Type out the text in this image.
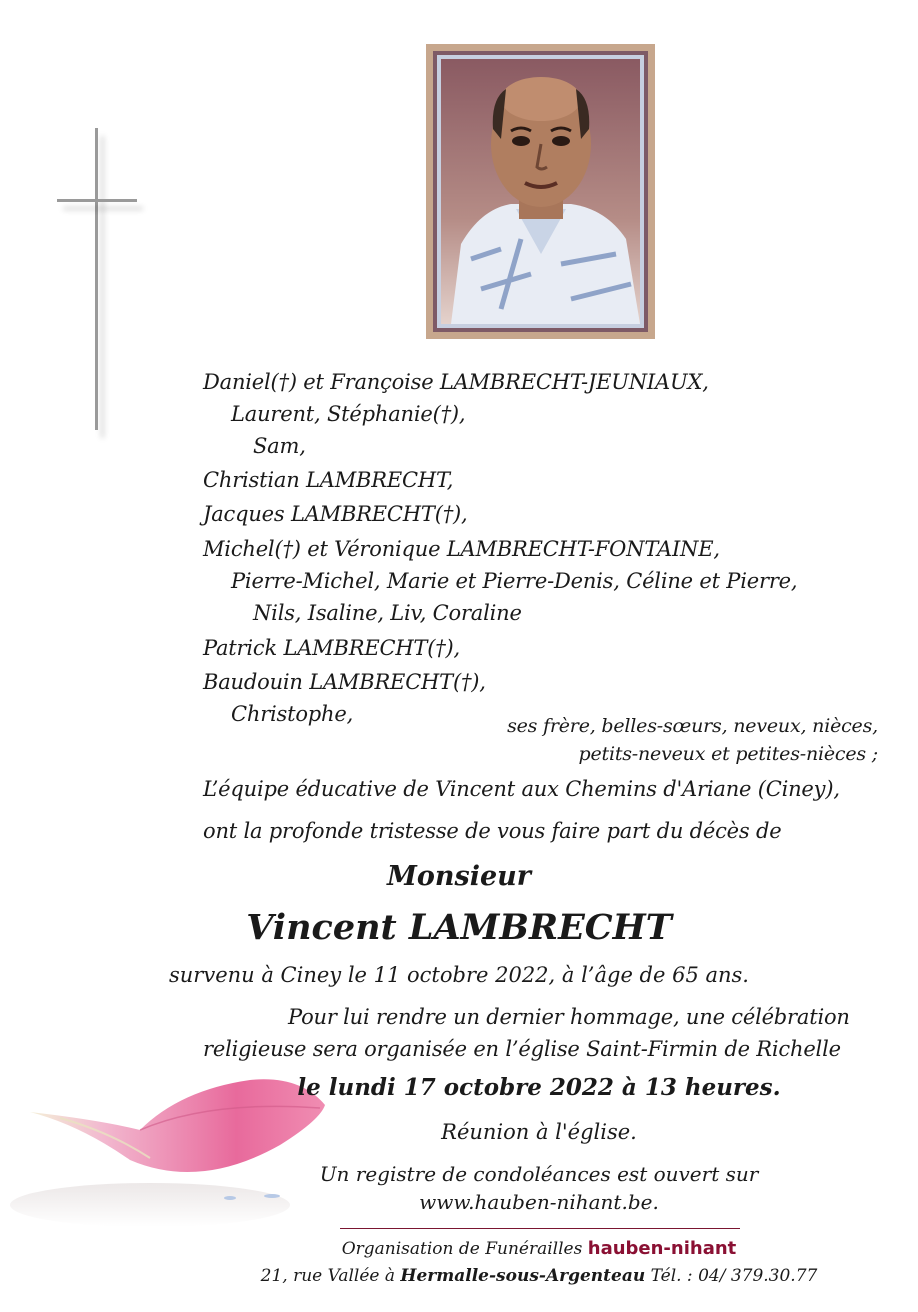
Daniel(†) et Françoise LAMBRECHT-JEUNIAUX,
Laurent, Stéphanie(†),
Sam,
Christian LAMBRECHT,
Jacques LAMBRECHT(†),
Michel(†) et Véronique LAMBRECHT-FONTAINE,
Pierre-Michel, Marie et Pierre-Denis, Céline et Pierre,
Nils, Isaline, Liv, Coraline
Patrick LAMBRECHT(†),
Baudouin LAMBRECHT(†),
Christophe,	ses frère, belles-sœurs, neveux, nièces,
petits-neveux et petites-nièces ;
L’équipe éducative de Vincent aux Chemins d'Ariane (Ciney),
ont la profonde tristesse de vous faire part du décès de
Monsieur
Vincent LAMBRECHT
survenu à Ciney le 11 octobre 2022, à l’âge de 65 ans.
Pour lui rendre un dernier hommage, une célébration
religieuse sera organisée en l’église Saint-Firmin de Richelle
le lundi 17 octobre 2022 à 13 heures.
Réunion à l'église.
Un registre de condoléances est ouvert sur
www.hauben-nihant.be.
Organisation de Funérailles hauben-nihant
21, rue Vallée à Hermalle-sous-Argenteau Tél. : 04/ 379.30.77
